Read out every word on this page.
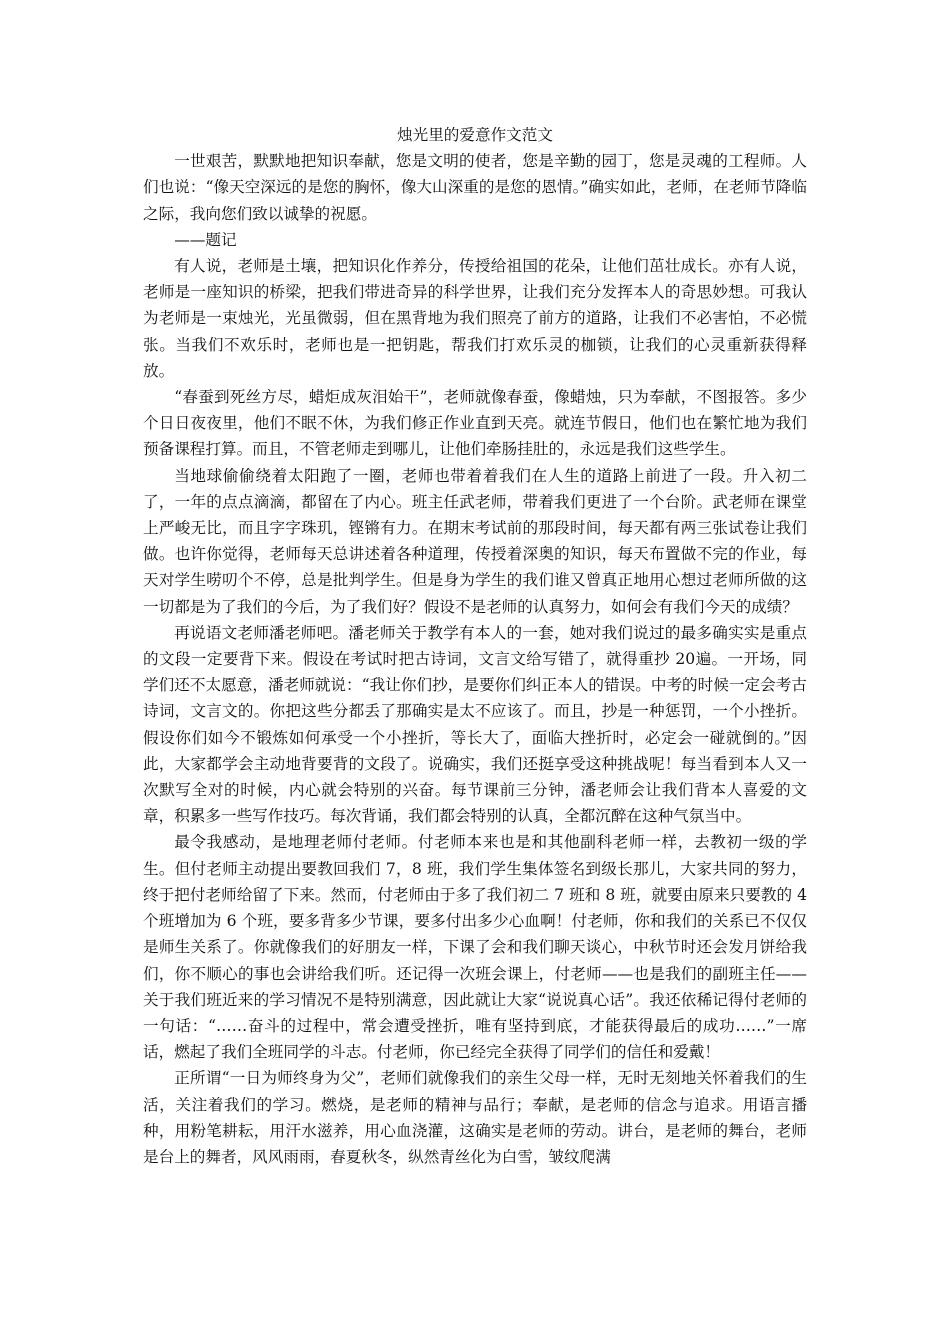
烛光里的爱意作文范文

一世艰苦，默默地把知识奉献，您是文明的使者，您是辛勤的园丁，您是灵魂的工程师。人们也说：“像天空深远的是您的胸怀，像大山深重的是您的恩情。”确实如此，老师，在老师节降临之际，我向您们致以诚挚的祝愿。

——题记

有人说，老师是土壤，把知识化作养分，传授给祖国的花朵，让他们茁壮成长。亦有人说，老师是一座知识的桥梁，把我们带进奇异的科学世界，让我们充分发挥本人的奇思妙想。可我认为老师是一束烛光，光虽微弱，但在黑背地为我们照亮了前方的道路，让我们不必害怕，不必慌张。当我们不欢乐时，老师也是一把钥匙，帮我们打欢乐灵的枷锁，让我们的心灵重新获得释放。

“春蚕到死丝方尽，蜡炬成灰泪始干”，老师就像春蚕，像蜡烛，只为奉献，不图报答。多少个日日夜夜里，他们不眠不休，为我们修正作业直到天亮。就连节假日，他们也在繁忙地为我们预备课程打算。而且，不管老师走到哪儿，让他们牵肠挂肚的，永远是我们这些学生。

当地球偷偷绕着太阳跑了一圈，老师也带着着我们在人生的道路上前进了一段。升入初二了，一年的点点滴滴，都留在了内心。班主任武老师，带着我们更进了一个台阶。武老师在课堂上严峻无比，而且字字珠玑，铿锵有力。在期末考试前的那段时间，每天都有两三张试卷让我们做。也许你觉得，老师每天总讲述着各种道理，传授着深奥的知识，每天布置做不完的作业，每天对学生唠叨个不停，总是批判学生。但是身为学生的我们谁又曾真正地用心想过老师所做的这一切都是为了我们的今后，为了我们好？假设不是老师的认真努力，如何会有我们今天的成绩？

再说语文老师潘老师吧。潘老师关于教学有本人的一套，她对我们说过的最多确实实是重点的文段一定要背下来。假设在考试时把古诗词，文言文给写错了，就得重抄 20遍。一开场，同学们还不太愿意，潘老师就说：“我让你们抄，是要你们纠正本人的错误。中考的时候一定会考古诗词，文言文的。你把这些分都丢了那确实是太不应该了。而且，抄是一种惩罚，一个小挫折。假设你们如今不锻炼如何承受一个小挫折，等长大了，面临大挫折时，必定会一碰就倒的。”因此，大家都学会主动地背要背的文段了。说确实，我们还挺享受这种挑战呢！每当看到本人又一次默写全对的时候，内心就会特别的兴奋。每节课前三分钟，潘老师会让我们背本人喜爱的文章，积累多一些写作技巧。每次背诵，我们都会特别的认真，全都沉醉在这种气氛当中。

最令我感动，是地理老师付老师。付老师本来也是和其他副科老师一样，去教初一级的学生。但付老师主动提出要教回我们 7，8 班，我们学生集体签名到级长那儿，大家共同的努力，终于把付老师给留了下来。然而，付老师由于多了我们初二 7 班和 8 班，就要由原来只要教的 4 个班增加为 6 个班，要多背多少节课，要多付出多少心血啊！付老师，你和我们的关系已不仅仅是师生关系了。你就像我们的好朋友一样，下课了会和我们聊天谈心，中秋节时还会发月饼给我们，你不顺心的事也会讲给我们听。还记得一次班会课上，付老师——也是我们的副班主任——关于我们班近来的学习情况不是特别满意，因此就让大家“说说真心话”。我还依稀记得付老师的一句话：“……奋斗的过程中，常会遭受挫折，唯有坚持到底，才能获得最后的成功……”一席话，燃起了我们全班同学的斗志。付老师，你已经完全获得了同学们的信任和爱戴！

正所谓“一日为师终身为父”，老师们就像我们的亲生父母一样，无时无刻地关怀着我们的生活，关注着我们的学习。燃烧，是老师的精神与品行；奉献，是老师的信念与追求。用语言播种，用粉笔耕耘，用汗水滋养，用心血浇灌，这确实是老师的劳动。讲台，是老师的舞台，老师是台上的舞者，风风雨雨，春夏秋冬，纵然青丝化为白雪，皱纹爬满
